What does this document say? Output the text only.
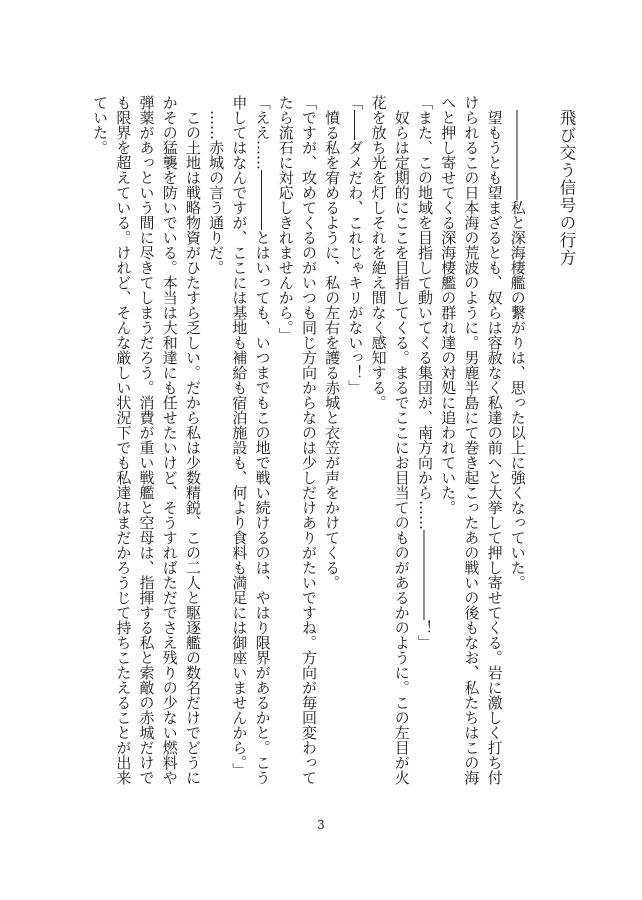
飛び交う信号の行方

　――――――私と深海棲艦の繋がりは、思った以上に強くなっていた。

　望もうとも望まざるとも、奴らは容赦なく私達の前へと大挙して押し寄せてくる。岩に激しく打ち付けられるこの日本海の荒波のように。男鹿半島にて巻き起こったあの戦いの後もなお、私たちはこの海へと押し寄せてくる深海棲艦の群れ達の対処に追われていた。

「また、この地域を目指して動いてくる集団が、南方向から……――――――！」

　奴らは定期的にここを目指してくる。まるでここにお目当てのものがあるかのように。この左目が火花を放ち光を灯しそれを絶え間なく感知する。

「――ダメだわ、これじゃキリがないっ！」

　憤る私を宥めるように、私の左右を護る赤城と衣笠が声をかけてくる。

「ですが、攻めてくるのがいつも同じ方向からなのは少しだけありがたいですね。方向が毎回変わってたら流石に対応しきれませんから。」

「ええ……――――とはいっても、いつまでもこの地で戦い続けるのは、やはり限界があるかと。こう申してはなんですが、ここには基地も補給も宿泊施設も、何より食料も満足には御座いませんから。」

　……赤城の言う通りだ。

　この土地は戦略物資がひたすら乏しい。だから私は少数精鋭、この二人と駆逐艦の数名だけでどうにかその猛襲を防いでいる。本当は大和達にも任せたいけど、そうすればただでさえ残りの少ない燃料や弾薬があっという間に尽きてしまうだろう。消費が重い戦艦と空母は、指揮する私と索敵の赤城だけでも限界を超えている。けれど、そんな厳しい状況下でも私達はまだかろうじて持ちこたえることが出来ていた。

3
